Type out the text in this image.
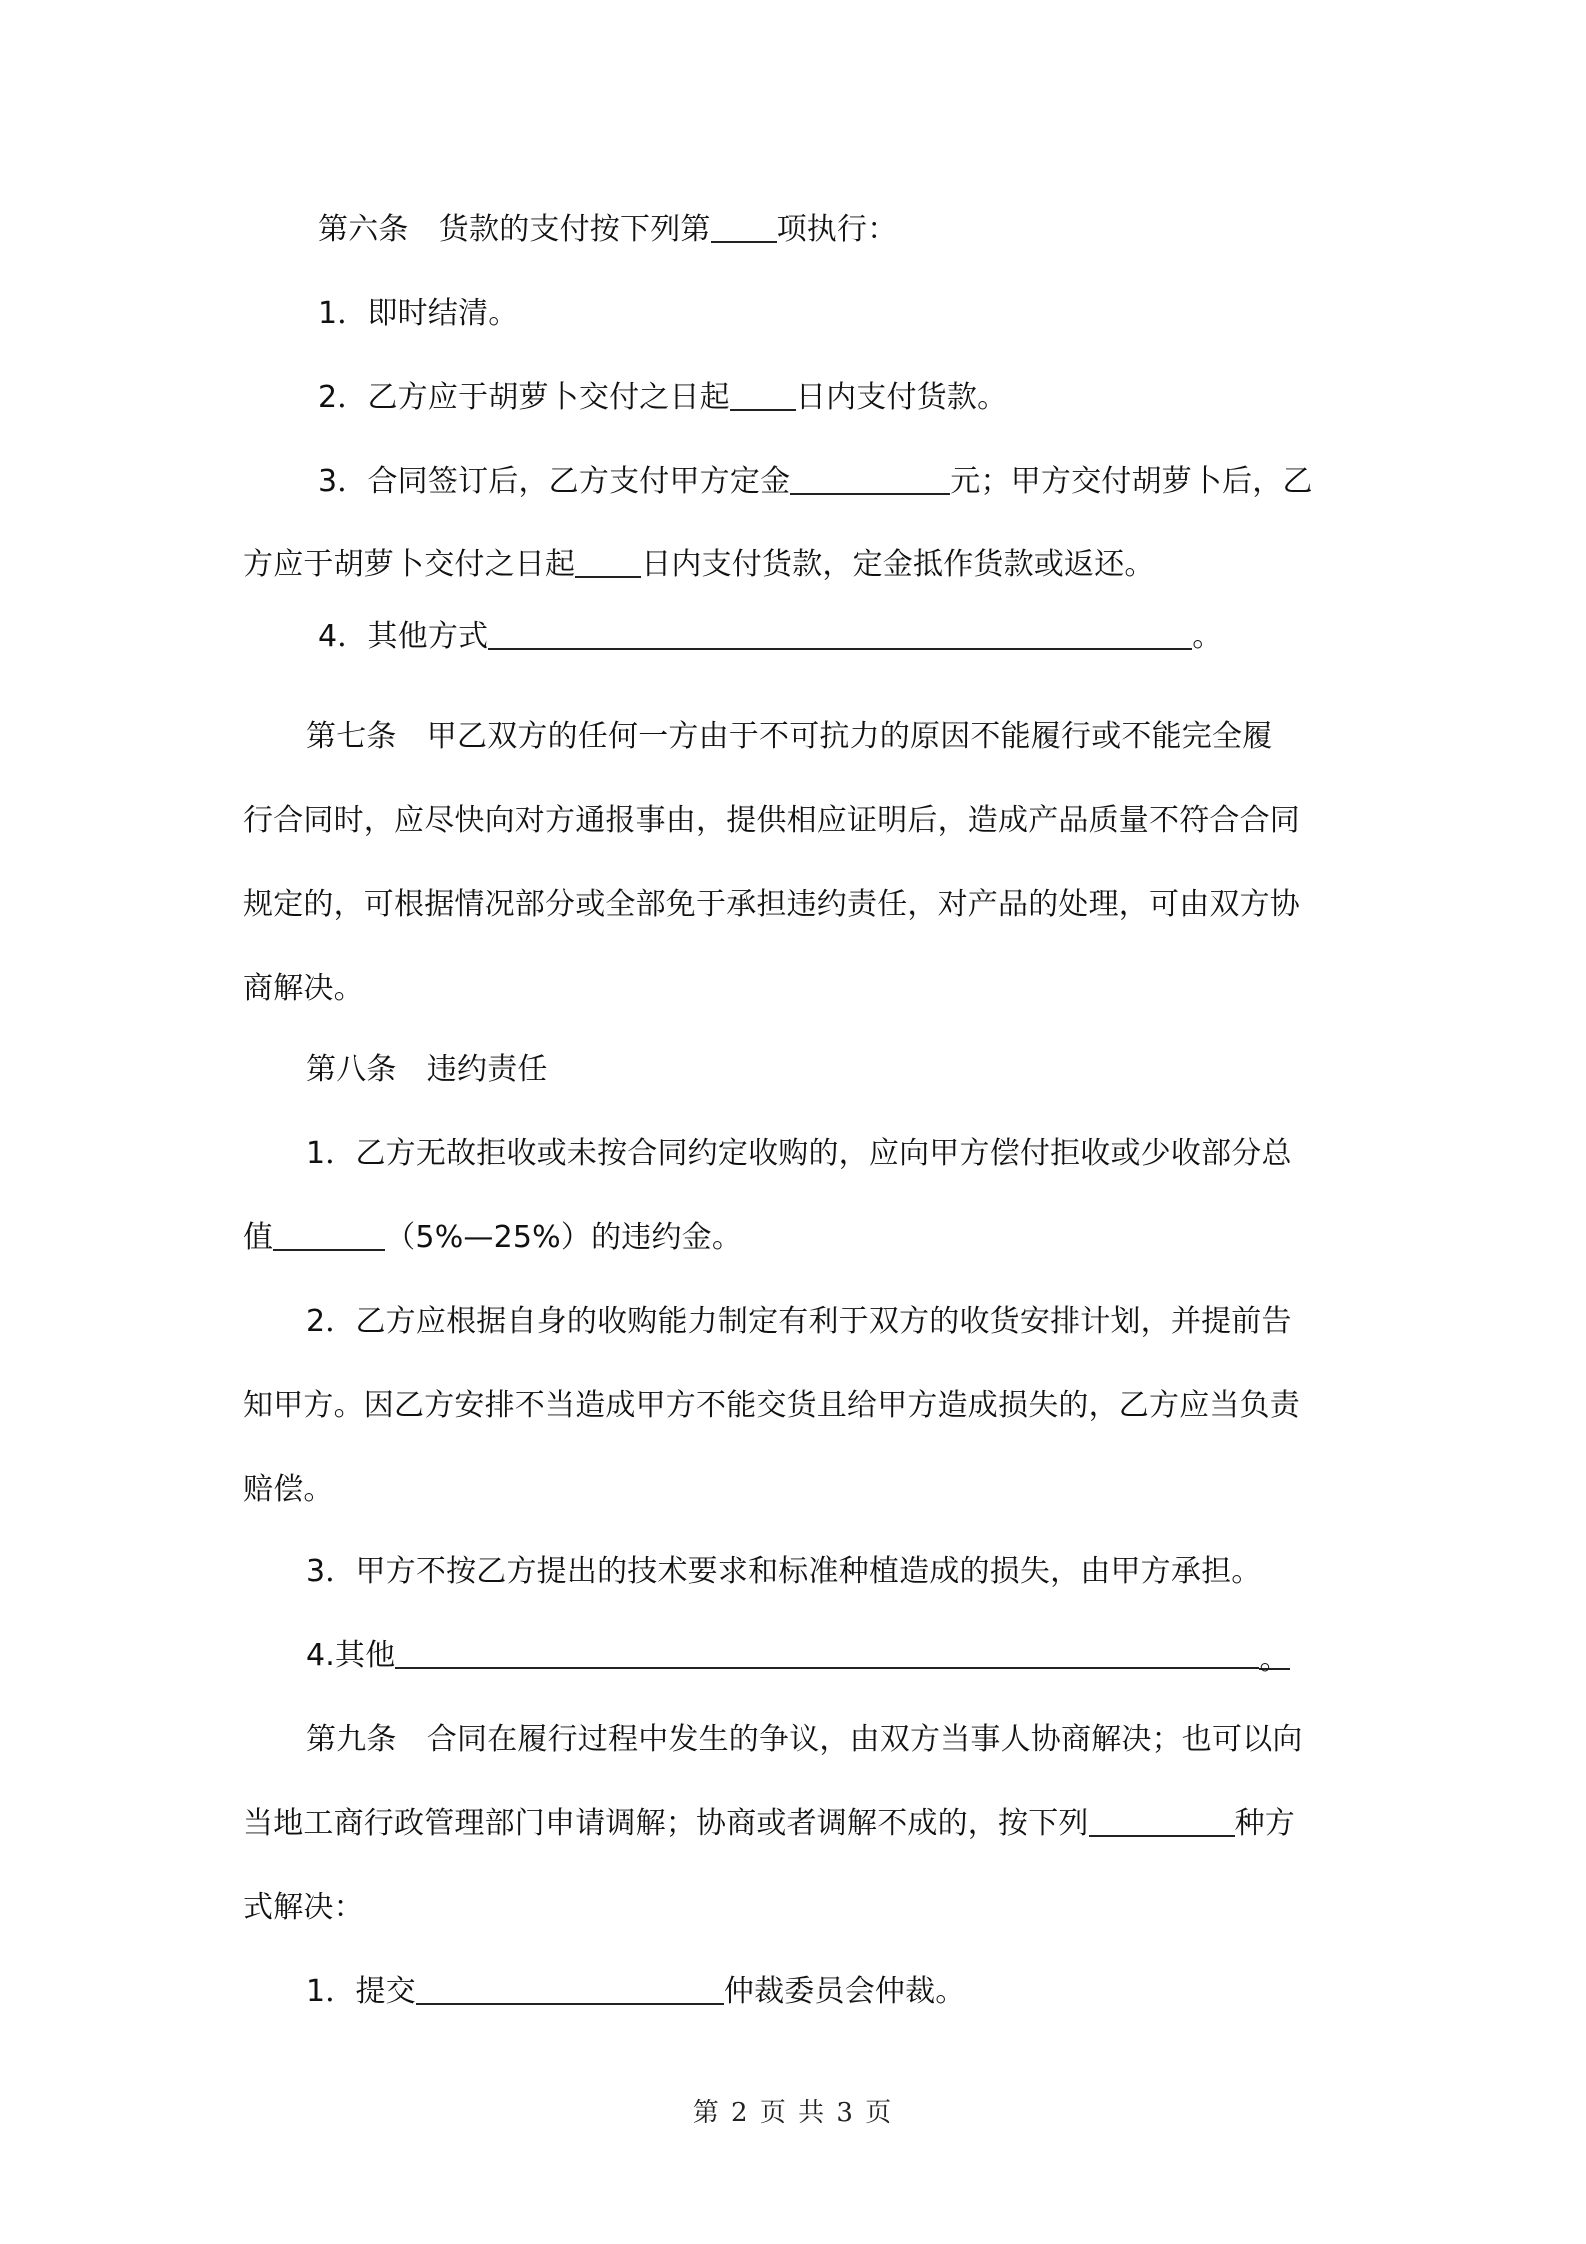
第六条　货款的支付按下列第 项执行：
1．即时结清。
2．乙方应于胡萝卜交付之日起 日内支付货款。
3．合同签订后，乙方支付甲方定金	元；甲方交付胡萝卜后，乙
方应于胡萝卜交付之日起 日内支付货款，定金抵作货款或返还。
4．其他方式	。
第七条　甲乙双方的任何一方由于不可抗力的原因不能履行或不能完全履
行合同时，应尽快向对方通报事由，提供相应证明后，造成产品质量不符合合同
规定的，可根据情况部分或全部免于承担违约责任，对产品的处理，可由双方协
商解决。
第八条　违约责任
1．乙方无故拒收或未按合同约定收购的，应向甲方偿付拒收或少收部分总
值	（5%—25%）的违约金。
2．乙方应根据自身的收购能力制定有利于双方的收货安排计划，并提前告
知甲方。因乙方安排不当造成甲方不能交货且给甲方造成损失的，乙方应当负责
赔偿。
3．甲方不按乙方提出的技术要求和标准种植造成的损失，由甲方承担。
4.其他	。
第九条　合同在履行过程中发生的争议，由双方当事人协商解决；也可以向
当地工商行政管理部门申请调解；协商或者调解不成的，按下列	种方
式解决：
1．提交	仲裁委员会仲裁。
第 2 页 共 3 页
